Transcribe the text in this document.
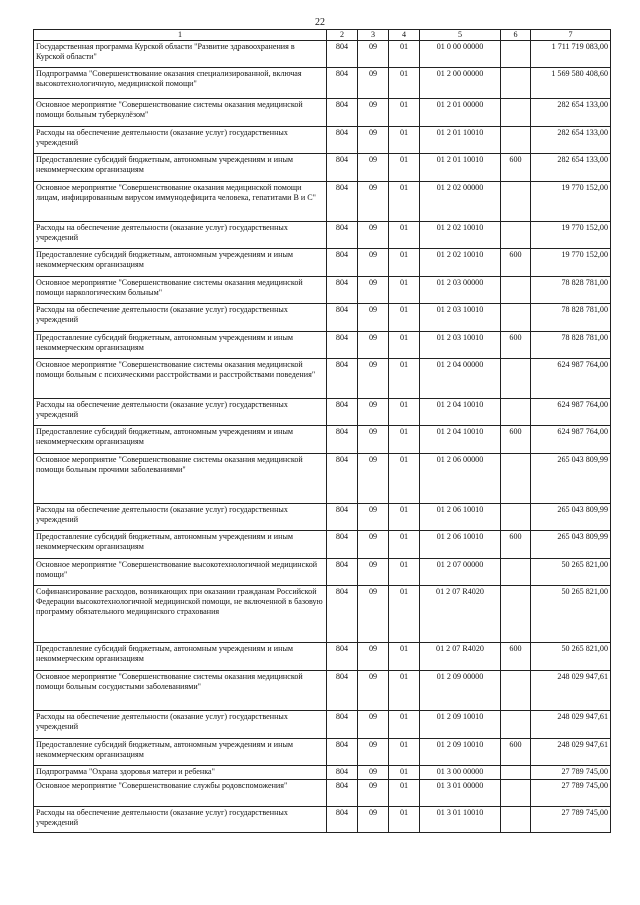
22
1	2	3	4	5	6	7
Государственная программа Курской области "Развитие здравоохранения в Курской области"	804	09	01	01 0 00 00000		1 711 719 083,00
Подпрограмма "Совершенствование оказания специализированной, включая высокотехнологичную, медицинской помощи"	804	09	01	01 2 00 00000		1 569 580 408,60
Основное мероприятие "Совершенствование системы оказания медицинской помощи больным туберкулёзом"	804	09	01	01 2 01 00000		282 654 133,00
Расходы на обеспечение деятельности (оказание услуг) государственных учреждений	804	09	01	01 2 01 10010		282 654 133,00
Предоставление субсидий бюджетным, автономным учреждениям и иным некоммерческим организациям	804	09	01	01 2 01 10010	600	282 654 133,00
Основное мероприятие "Совершенствование оказания медицинской помощи лицам, инфицированным вирусом иммунодефицита человека, гепатитами В и С"	804	09	01	01 2 02 00000		19 770 152,00
Расходы на обеспечение деятельности (оказание услуг) государственных учреждений	804	09	01	01 2 02 10010		19 770 152,00
Предоставление субсидий бюджетным, автономным учреждениям и иным некоммерческим организациям	804	09	01	01 2 02 10010	600	19 770 152,00
Основное мероприятие "Совершенствование системы оказания медицинской помощи наркологическим больным"	804	09	01	01 2 03 00000		78 828 781,00
Расходы на обеспечение деятельности (оказание услуг) государственных учреждений	804	09	01	01 2 03 10010		78 828 781,00
Предоставление субсидий бюджетным, автономным учреждениям и иным некоммерческим организациям	804	09	01	01 2 03 10010	600	78 828 781,00
Основное мероприятие "Совершенствование системы оказания медицинской помощи больным с психическими расстройствами и расстройствами поведения"	804	09	01	01 2 04 00000		624 987 764,00
Расходы на обеспечение деятельности (оказание услуг) государственных учреждений	804	09	01	01 2 04 10010		624 987 764,00
Предоставление субсидий бюджетным, автономным учреждениям и иным некоммерческим организациям	804	09	01	01 2 04 10010	600	624 987 764,00
Основное мероприятие "Совершенствование системы оказания медицинской помощи больным прочими заболеваниями"	804	09	01	01 2 06 00000		265 043 809,99
Расходы на обеспечение деятельности (оказание услуг) государственных учреждений	804	09	01	01 2 06 10010		265 043 809,99
Предоставление субсидий бюджетным, автономным учреждениям и иным некоммерческим организациям	804	09	01	01 2 06 10010	600	265 043 809,99
Основное мероприятие "Совершенствование высокотехнологичной медицинской помощи"	804	09	01	01 2 07 00000		50 265 821,00
Софинансирование расходов, возникающих при оказании гражданам Российской Федерации высокотехнологичной медицинской помощи, не включенной в базовую программу обязательного медицинского страхования	804	09	01	01 2 07 R4020		50 265 821,00
Предоставление субсидий бюджетным, автономным учреждениям и иным некоммерческим организациям	804	09	01	01 2 07 R4020	600	50 265 821,00
Основное мероприятие "Совершенствование системы оказания медицинской помощи больным сосудистыми заболеваниями"	804	09	01	01 2 09 00000		248 029 947,61
Расходы на обеспечение деятельности (оказание услуг) государственных учреждений	804	09	01	01 2 09 10010		248 029 947,61
Предоставление субсидий бюджетным, автономным учреждениям и иным некоммерческим организациям	804	09	01	01 2 09 10010	600	248 029 947,61
Подпрограмма "Охрана здоровья матери и ребенка"	804	09	01	01 3 00 00000		27 789 745,00
Основное мероприятие "Совершенствование службы родовспоможения"	804	09	01	01 3 01 00000		27 789 745,00
Расходы на обеспечение деятельности (оказание услуг) государственных учреждений	804	09	01	01 3 01 10010		27 789 745,00
